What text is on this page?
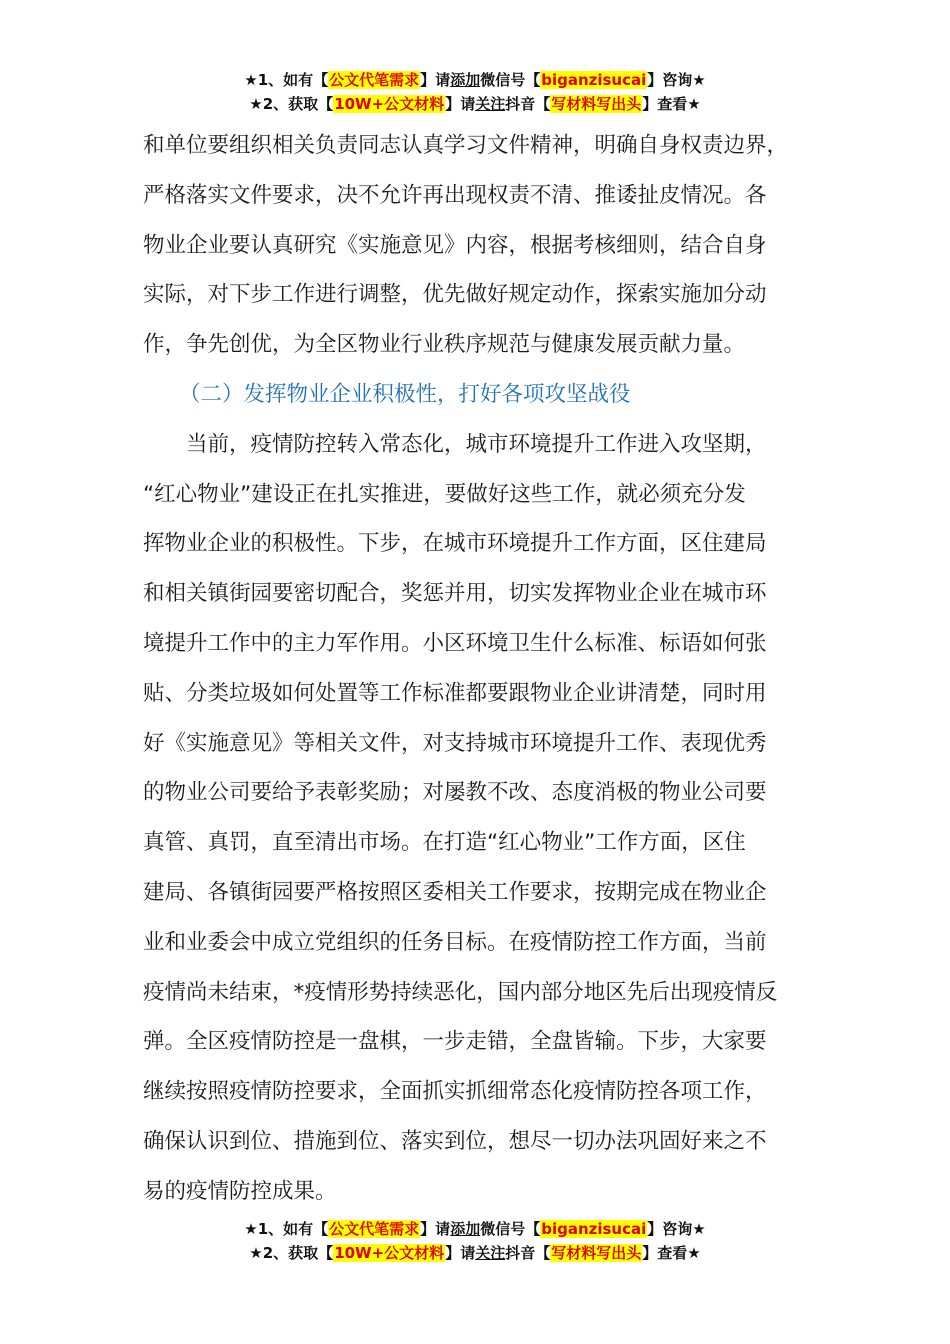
★1、如有【公文代笔需求】请添加微信号【biganzisucai】咨询★
★2、获取【10W+公文材料】请关注抖音【写材料写出头】查看★
和单位要组织相关负责同志认真学习文件精神，明确自身权责边界，
严格落实文件要求，决不允许再出现权责不清、推诿扯皮情况。各
物业企业要认真研究《实施意见》内容，根据考核细则，结合自身
实际，对下步工作进行调整，优先做好规定动作，探索实施加分动
作，争先创优，为全区物业行业秩序规范与健康发展贡献力量。
（二）发挥物业企业积极性，打好各项攻坚战役
　　当前，疫情防控转入常态化，城市环境提升工作进入攻坚期，
“红心物业”建设正在扎实推进，要做好这些工作，就必须充分发
挥物业企业的积极性。下步，在城市环境提升工作方面，区住建局
和相关镇街园要密切配合，奖惩并用，切实发挥物业企业在城市环
境提升工作中的主力军作用。小区环境卫生什么标准、标语如何张
贴、分类垃圾如何处置等工作标准都要跟物业企业讲清楚，同时用
好《实施意见》等相关文件，对支持城市环境提升工作、表现优秀
的物业公司要给予表彰奖励；对屡教不改、态度消极的物业公司要
真管、真罚，直至清出市场。在打造“红心物业”工作方面，区住
建局、各镇街园要严格按照区委相关工作要求，按期完成在物业企
业和业委会中成立党组织的任务目标。在疫情防控工作方面，当前
疫情尚未结束，*疫情形势持续恶化，国内部分地区先后出现疫情反
弹。全区疫情防控是一盘棋，一步走错，全盘皆输。下步，大家要
继续按照疫情防控要求，全面抓实抓细常态化疫情防控各项工作，
确保认识到位、措施到位、落实到位，想尽一切办法巩固好来之不
易的疫情防控成果。
★1、如有【公文代笔需求】请添加微信号【biganzisucai】咨询★
★2、获取【10W+公文材料】请关注抖音【写材料写出头】查看★
